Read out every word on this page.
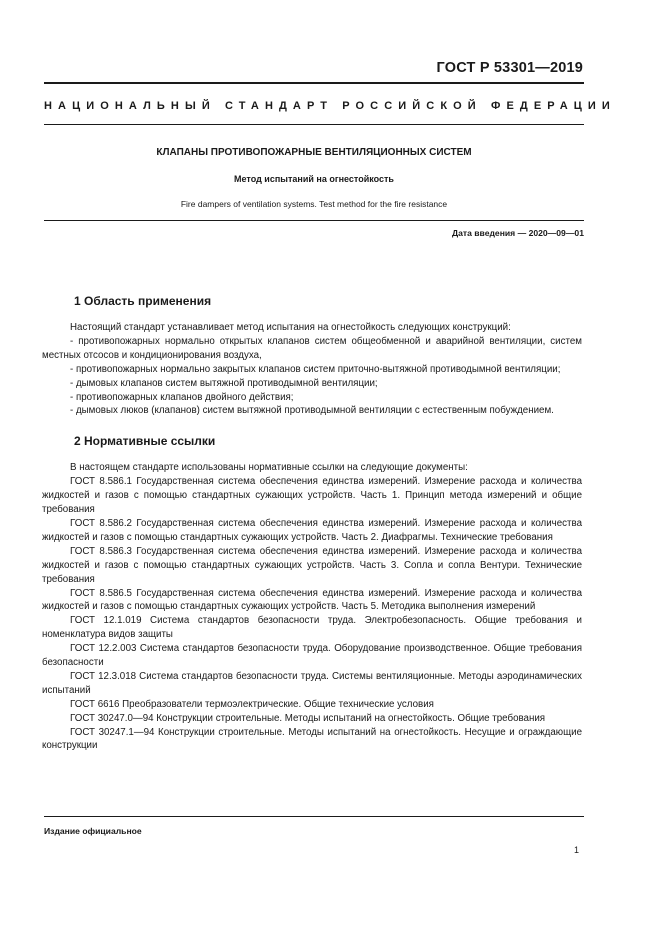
ГОСТ Р 53301—2019
НАЦИОНАЛЬНЫЙ СТАНДАРТ РОССИЙСКОЙ ФЕДЕРАЦИИ
КЛАПАНЫ ПРОТИВОПОЖАРНЫЕ ВЕНТИЛЯЦИОННЫХ СИСТЕМ
Метод испытаний на огнестойкость
Fire dampers of ventilation systems. Test method for the fire resistance
Дата введения — 2020—09—01
1 Область применения

Настоящий стандарт устанавливает метод испытания на огнестойкость следующих конструкций:

- противопожарных нормально открытых клапанов систем общеобменной и аварийной вентиляции, систем местных отсосов и кондиционирования воздуха,

- противопожарных нормально закрытых клапанов систем приточно-вытяжной противодымной вентиляции;

- дымовых клапанов систем вытяжной противодымной вентиляции;

- противопожарных клапанов двойного действия;

- дымовых люков (клапанов) систем вытяжной противодымной вентиляции с естественным побуждением.

2 Нормативные ссылки

В настоящем стандарте использованы нормативные ссылки на следующие документы:

ГОСТ 8.586.1 Государственная система обеспечения единства измерений. Измерение расхода и количества жидкостей и газов с помощью стандартных сужающих устройств. Часть 1. Принцип метода измерений и общие требования

ГОСТ 8.586.2 Государственная система обеспечения единства измерений. Измерение расхода и количества жидкостей и газов с помощью стандартных сужающих устройств. Часть 2. Диафрагмы. Технические требования

ГОСТ 8.586.3 Государственная система обеспечения единства измерений. Измерение расхода и количества жидкостей и газов с помощью стандартных сужающих устройств. Часть 3. Сопла и сопла Вентури. Технические требования

ГОСТ 8.586.5 Государственная система обеспечения единства измерений. Измерение расхода и количества жидкостей и газов с помощью стандартных сужающих устройств. Часть 5. Методика выполнения измерений

ГОСТ 12.1.019 Система стандартов безопасности труда. Электробезопасность. Общие требования и номенклатура видов защиты

ГОСТ 12.2.003 Система стандартов безопасности труда. Оборудование производственное. Общие требования безопасности

ГОСТ 12.3.018 Система стандартов безопасности труда. Системы вентиляционные. Методы аэродинамических испытаний

ГОСТ 6616 Преобразователи термоэлектрические. Общие технические условия

ГОСТ 30247.0—94 Конструкции строительные. Методы испытаний на огнестойкость. Общие требования

ГОСТ 30247.1—94 Конструкции строительные. Методы испытаний на огнестойкость. Несущие и ограждающие конструкции

Издание официальное
1
